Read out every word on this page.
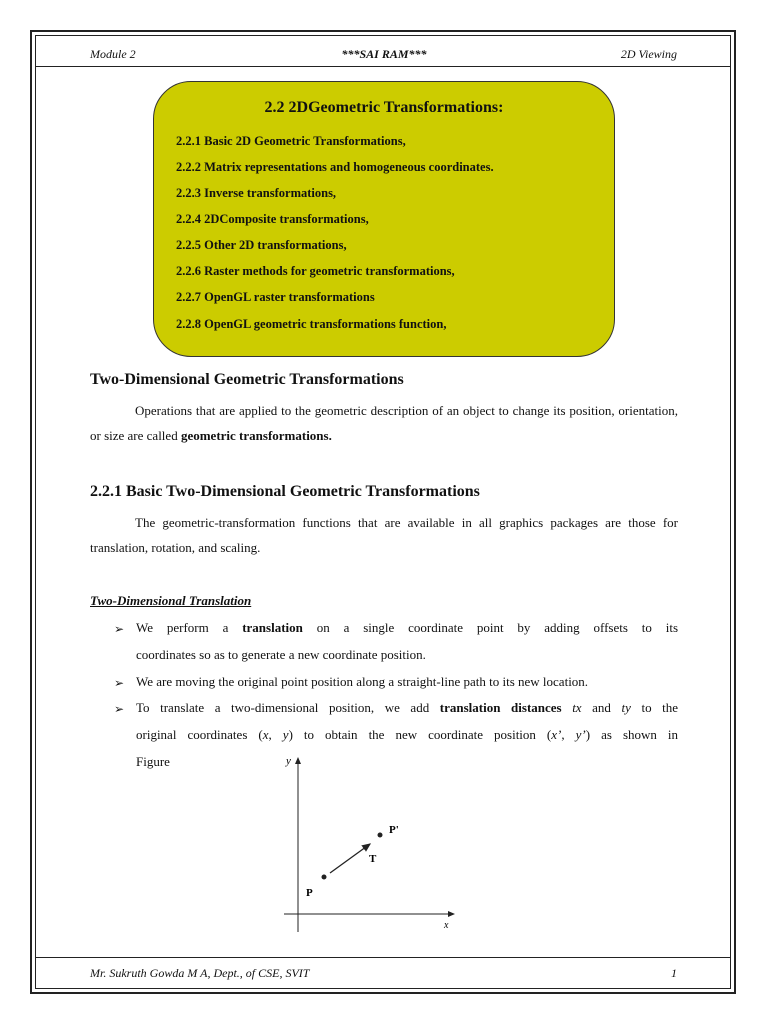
Module 2	***SAI RAM***	2D Viewing
2.2 2DGeometric Transformations:
2.2.1 Basic 2D Geometric Transformations,
2.2.2 Matrix representations and homogeneous coordinates.
2.2.3 Inverse transformations,
2.2.4 2DComposite transformations,
2.2.5 Other 2D transformations,
2.2.6 Raster methods for geometric transformations,
2.2.7 OpenGL raster transformations
2.2.8 OpenGL geometric transformations function,
Two-Dimensional Geometric Transformations
Operations that are applied to the geometric description of an object to change its position, orientation, or size are called geometric transformations.
2.2.1 Basic Two-Dimensional Geometric Transformations
The geometric-transformation functions that are available in all graphics packages are those for translation, rotation, and scaling.
Two-Dimensional Translation
➢ We perform a translation on a single coordinate point by adding offsets to its
coordinates so as to generate a new coordinate position.
➢ We are moving the original point position along a straight-line path to its new location.
➢ To translate a two-dimensional position, we add translation distances tx and ty to the
original coordinates (x, y) to obtain the new coordinate position (x’, y’) as shown in
Figure	y
x
P
P'
T
Mr. Sukruth Gowda M A, Dept., of CSE, SVIT	1
